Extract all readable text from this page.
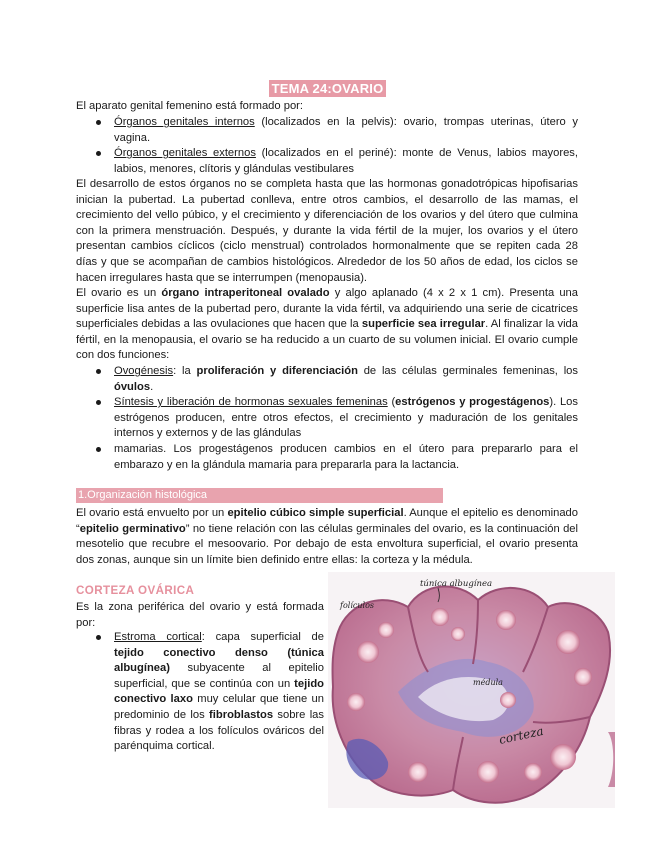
TEMA 24:OVARIO

El aparato genital femenino está formado por:

Órganos genitales internos (localizados en la pelvis): ovario, trompas uterinas, útero y vagina.
Órganos genitales externos (localizados en el periné): monte de Venus, labios mayores, labios, menores, clítoris y glándulas vestibulares

El desarrollo de estos órganos no se completa hasta que las hormonas gonadotrópicas hipofisarias inician la pubertad. La pubertad conlleva, entre otros cambios, el desarrollo de las mamas, el crecimiento del vello púbico, y el crecimiento y diferenciación de los ovarios y del útero que culmina con la primera menstruación. Después, y durante la vida fértil de la mujer, los ovarios y el útero presentan cambios cíclicos (ciclo menstrual) controlados hormonalmente que se repiten cada 28 días y que se acompañan de cambios histológicos. Alrededor de los 50 años de edad, los ciclos se hacen irregulares hasta que se interrumpen (menopausia).

El ovario es un órgano intraperitoneal ovalado y algo aplanado (4 x 2 x 1 cm). Presenta una superficie lisa antes de la pubertad pero, durante la vida fértil, va adquiriendo una serie de cicatrices superficiales debidas a las ovulaciones que hacen que la superficie sea irregular. Al finalizar la vida fértil, en la menopausia, el ovario se ha reducido a un cuarto de su volumen inicial. El ovario cumple con dos funciones:

Ovogénesis: la proliferación y diferenciación de las células germinales femeninas, los óvulos.
Síntesis y liberación de hormonas sexuales femeninas (estrógenos y progestágenos). Los estrógenos producen, entre otros efectos, el crecimiento y maduración de los genitales internos y externos y de las glándulas
mamarias. Los progestágenos producen cambios en el útero para prepararlo para el embarazo y en la glándula mamaria para prepararla para la lactancia.
1.Organización histológica

El ovario está envuelto por un epitelio cúbico simple superficial. Aunque el epitelio es denominado “epitelio germinativo” no tiene relación con las células germinales del ovario, es la continuación del mesotelio que recubre el mesoovario. Por debajo de esta envoltura superficial, el ovario presenta dos zonas, aunque sin un límite bien definido entre ellas: la corteza y la médula.

CORTEZA OVÁRICA

Es la zona periférica del ovario y está formada por:

Estroma cortical: capa superficial de tejido conectivo denso (túnica albugínea) subyacente al epitelio superficial, que se continúa con un tejido conectivo laxo muy celular que tiene un predominio de los fibroblastos sobre las fibras y rodea a los folículos ováricos del parénquima cortical.
túnica albugínea
folículos
médula
corteza
